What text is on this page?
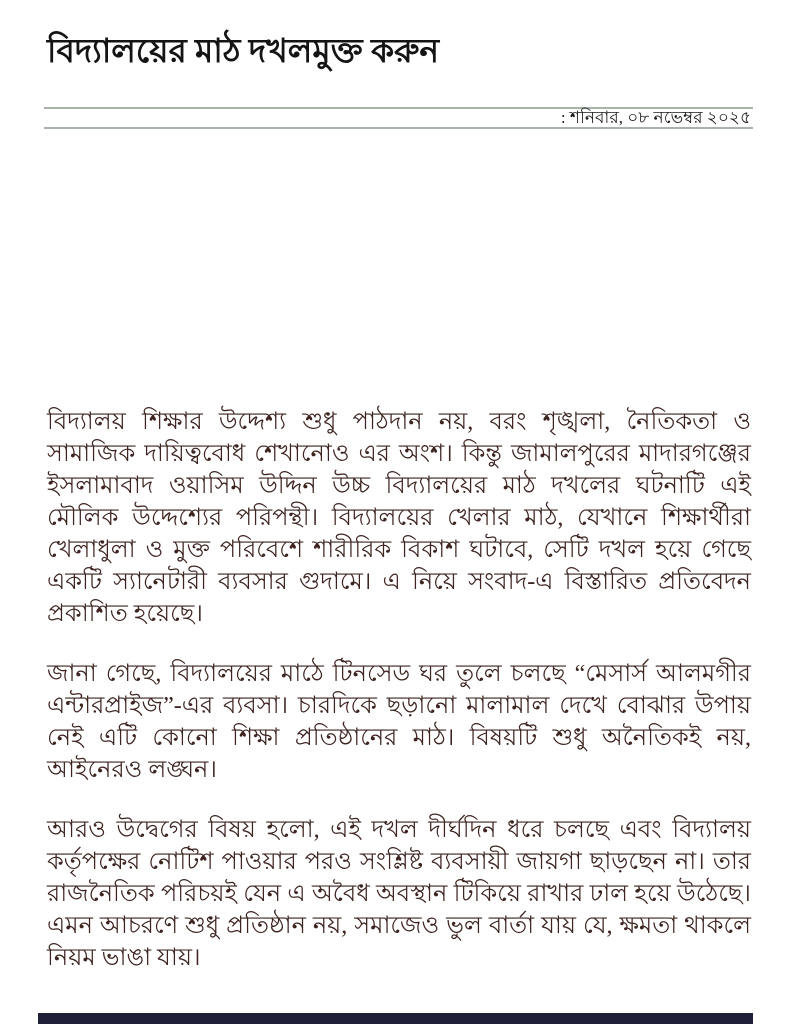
বিদ্যালয়ের মাঠ দখলমুক্ত করুন
: শনিবার, ০৮ নভেম্বর ২০২৫

বিদ্যালয় শিক্ষার উদ্দেশ্য শুধু পাঠদান নয়, বরং শৃঙ্খলা, নৈতিকতা ও সামাজিক দায়িত্ববোধ শেখানোও এর অংশ। কিন্তু জামালপুরের মাদারগঞ্জের ইসলামাবাদ ওয়াসিম উদ্দিন উচ্চ বিদ্যালয়ের মাঠ দখলের ঘটনাটি এই মৌলিক উদ্দেশ্যের পরিপন্থী। বিদ্যালয়ের খেলার মাঠ, যেখানে শিক্ষার্থীরা খেলাধুলা ও মুক্ত পরিবেশে শারীরিক বিকাশ ঘটাবে, সেটি দখল হয়ে গেছে একটি স্যানেটারী ব্যবসার গুদামে। এ নিয়ে সংবাদ-এ বিস্তারিত প্রতিবেদন প্রকাশিত হয়েছে।

জানা গেছে, বিদ্যালয়ের মাঠে টিনসেড ঘর তুলে চলছে “মেসার্স আলমগীর এন্টারপ্রাইজ”-এর ব্যবসা। চারদিকে ছড়ানো মালামাল দেখে বোঝার উপায় নেই এটি কোনো শিক্ষা প্রতিষ্ঠানের মাঠ। বিষয়টি শুধু অনৈতিকই নয়, আইনেরও লঙ্ঘন।

আরও উদ্বেগের বিষয় হলো, এই দখল দীর্ঘদিন ধরে চলছে এবং বিদ্যালয় কর্তৃপক্ষের নোটিশ পাওয়ার পরও সংশ্লিষ্ট ব্যবসায়ী জায়গা ছাড়ছেন না। তার রাজনৈতিক পরিচয়ই যেন এ অবৈধ অবস্থান টিকিয়ে রাখার ঢাল হয়ে উঠেছে। এমন আচরণে শুধু প্রতিষ্ঠান নয়, সমাজেও ভুল বার্তা যায় যে, ক্ষমতা থাকলে নিয়ম ভাঙা যায়।
